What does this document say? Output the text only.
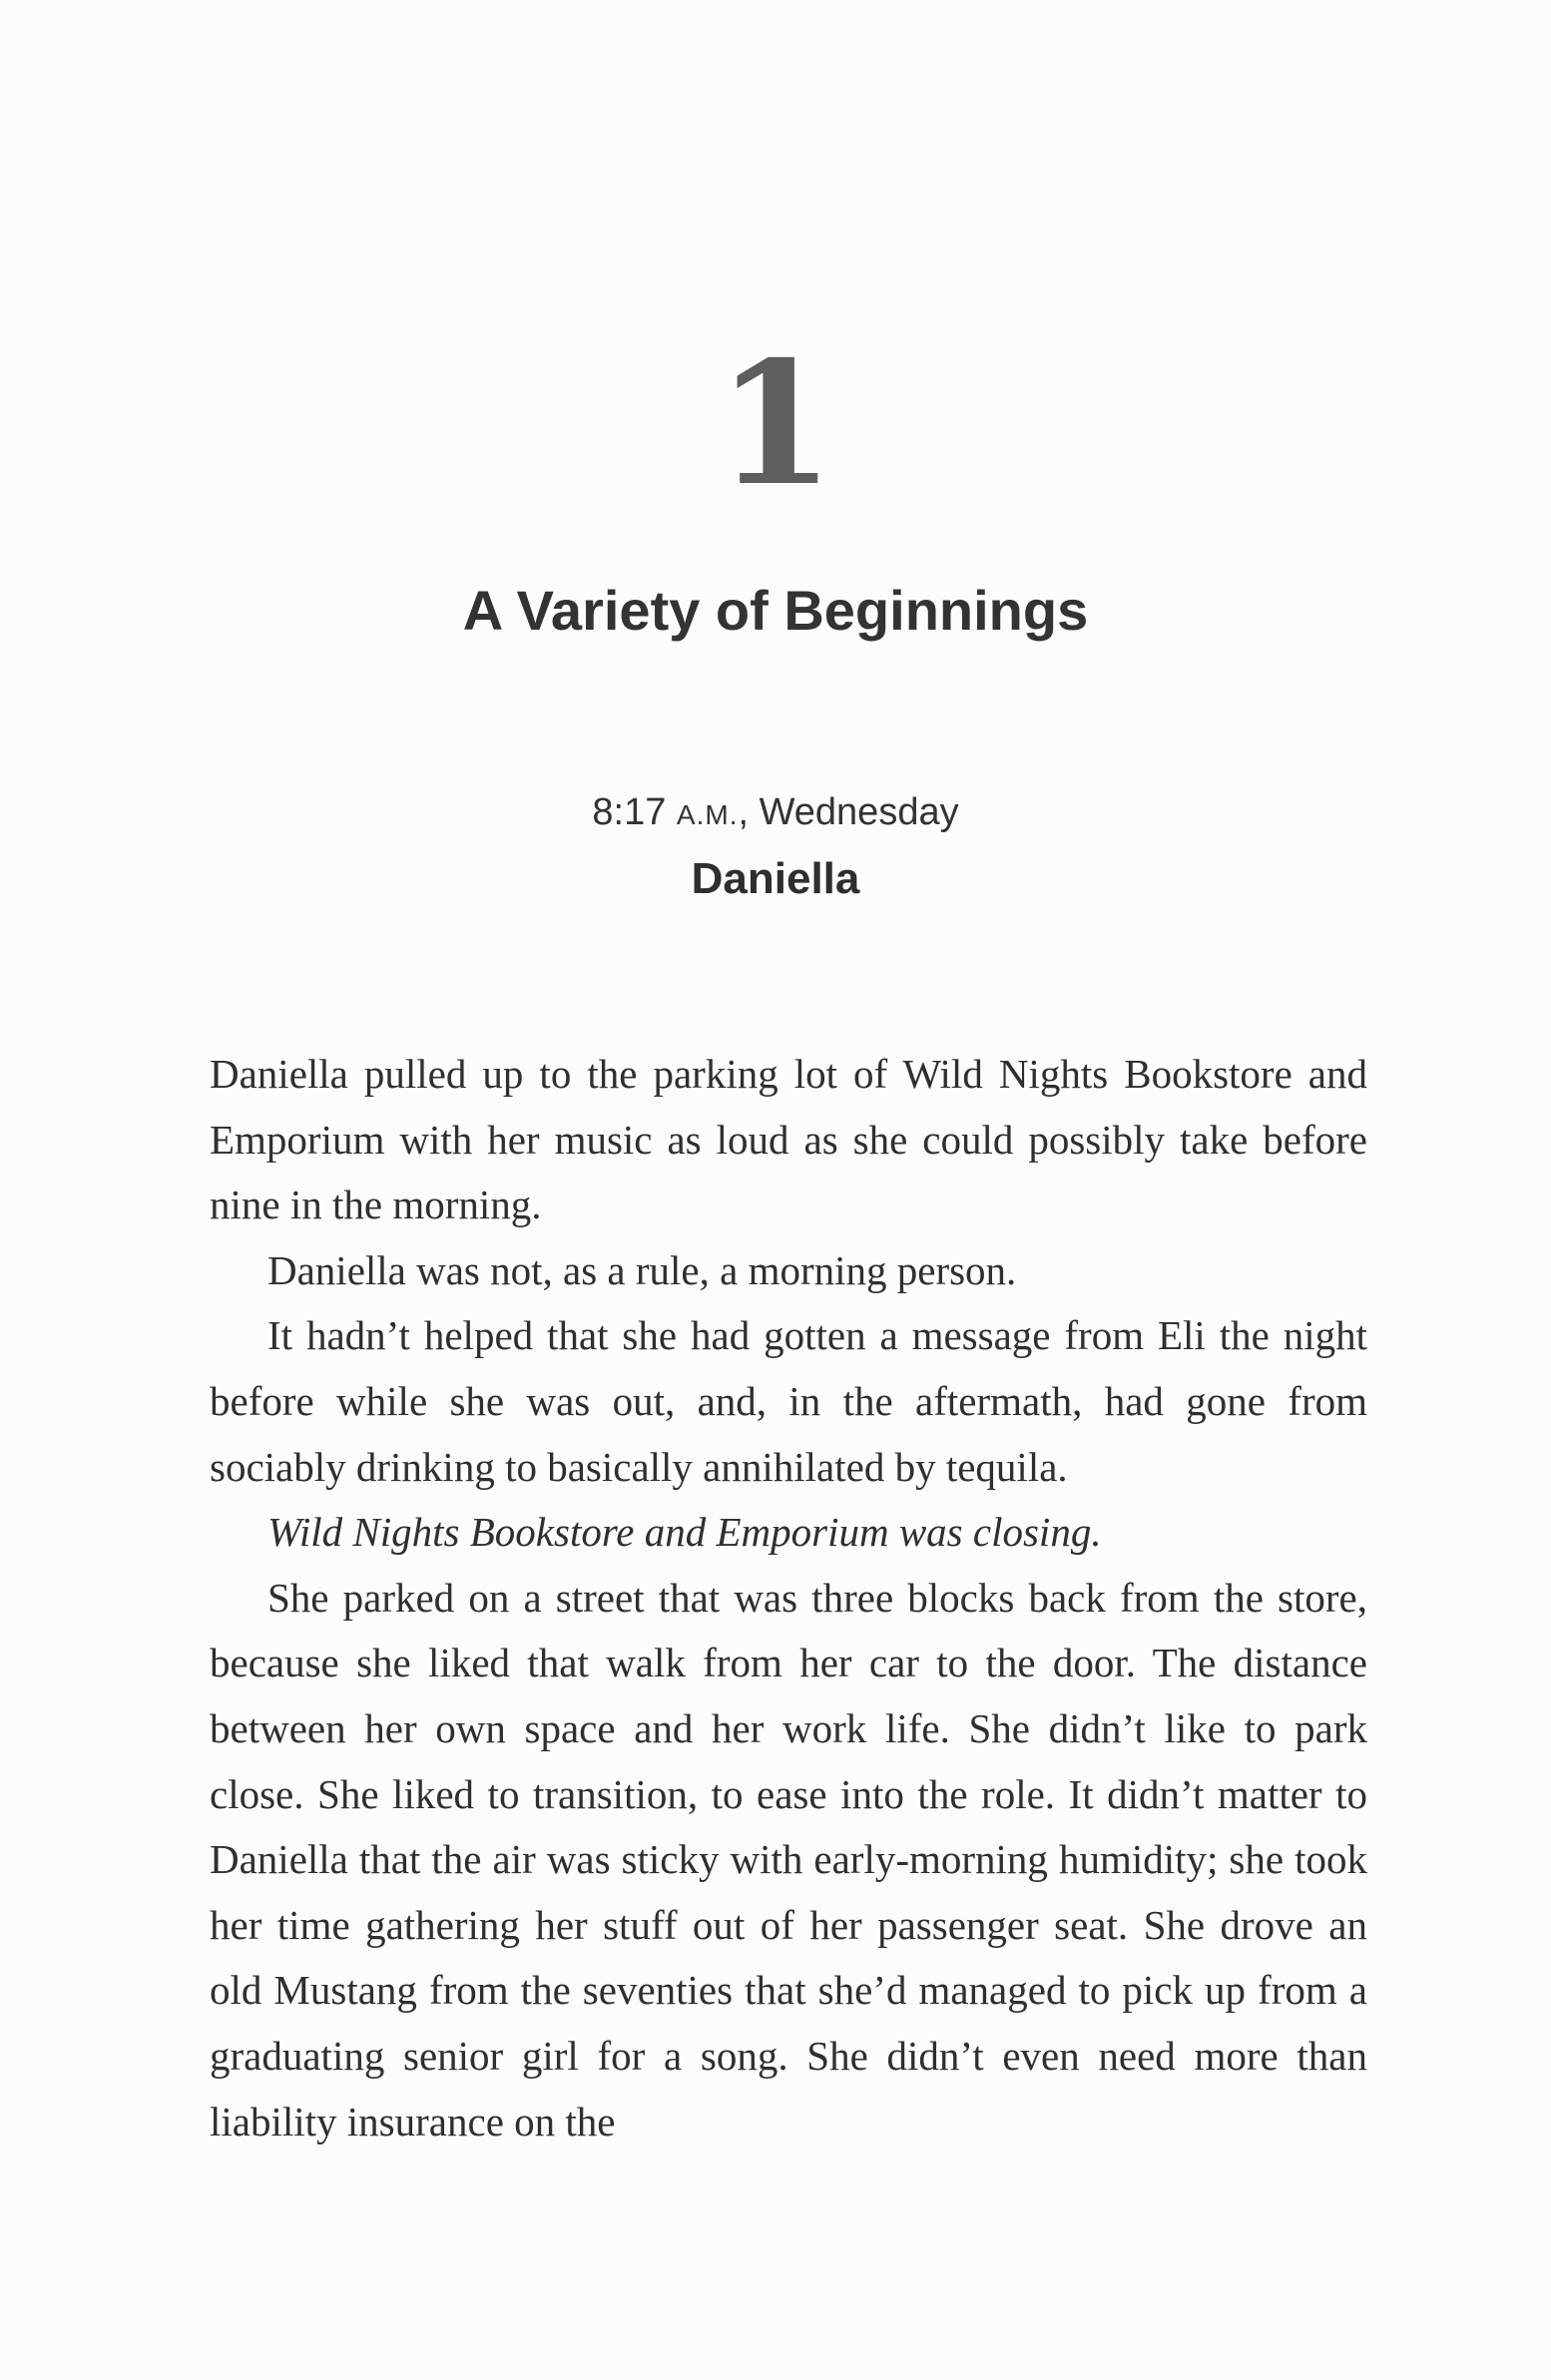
1
A Variety of Beginnings
8:17 A.M., Wednesday
Daniella

Daniella pulled up to the parking lot of Wild Nights Bookstore and Emporium with her music as loud as she could possibly take before nine in the morning.

Daniella was not, as a rule, a morning person.

It hadn’t helped that she had gotten a message from Eli the night before while she was out, and, in the aftermath, had gone from sociably drinking to basically annihilated by tequila.

Wild Nights Bookstore and Emporium was closing.

She parked on a street that was three blocks back from the store, because she liked that walk from her car to the door. The distance between her own space and her work life. She didn’t like to park close. She liked to transition, to ease into the role. It didn’t matter to Daniella that the air was sticky with early-morning humidity; she took her time gathering her stuff out of her passenger seat. She drove an old Mustang from the seventies that she’d managed to pick up from a graduating senior girl for a song. She didn’t even need more than liability insurance on the
